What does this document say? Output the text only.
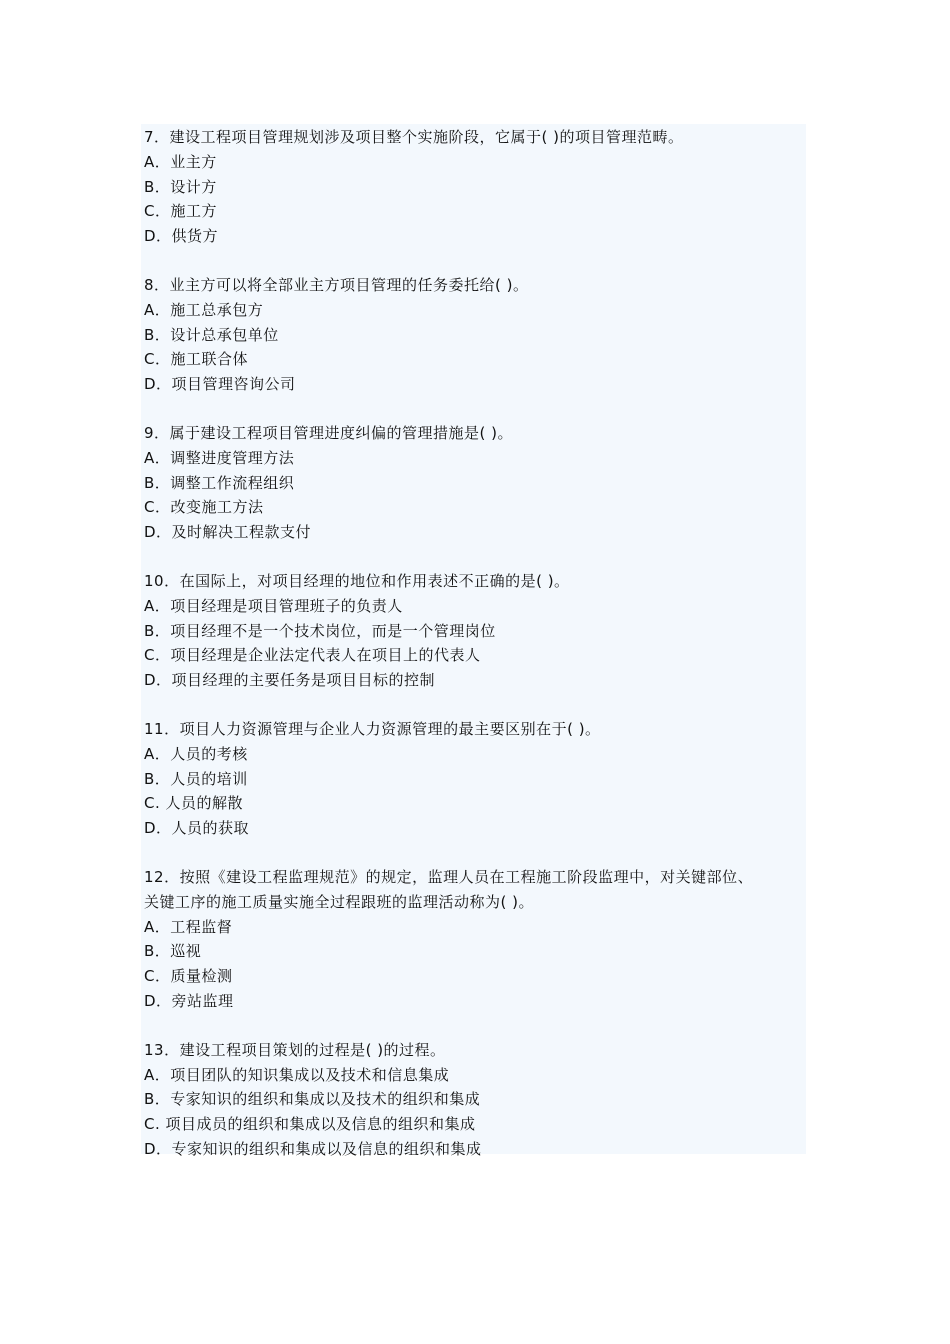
7．建设工程项目管理规划涉及项目整个实施阶段，它属于( )的项目管理范畴。
A．业主方
B．设计方
C．施工方
D．供货方
8．业主方可以将全部业主方项目管理的任务委托给( )。
A．施工总承包方
B．设计总承包单位
C．施工联合体
D．项目管理咨询公司
9．属于建设工程项目管理进度纠偏的管理措施是( )。
A．调整进度管理方法
B．调整工作流程组织
C．改变施工方法
D．及时解决工程款支付
10．在国际上，对项目经理的地位和作用表述不正确的是( )。
A．项目经理是项目管理班子的负责人
B．项目经理不是一个技术岗位，而是一个管理岗位
C．项目经理是企业法定代表人在项目上的代表人
D．项目经理的主要任务是项目目标的控制
11．项目人力资源管理与企业人力资源管理的最主要区别在于( )。
A．人员的考核
B．人员的培训
C. 人员的解散
D．人员的获取
12．按照《建设工程监理规范》的规定，监理人员在工程施工阶段监理中，对关键部位、
关键工序的施工质量实施全过程跟班的监理活动称为( )。
A．工程监督
B．巡视
C．质量检测
D．旁站监理
13．建设工程项目策划的过程是( )的过程。
A．项目团队的知识集成以及技术和信息集成
B．专家知识的组织和集成以及技术的组织和集成
C. 项目成员的组织和集成以及信息的组织和集成
D．专家知识的组织和集成以及信息的组织和集成
